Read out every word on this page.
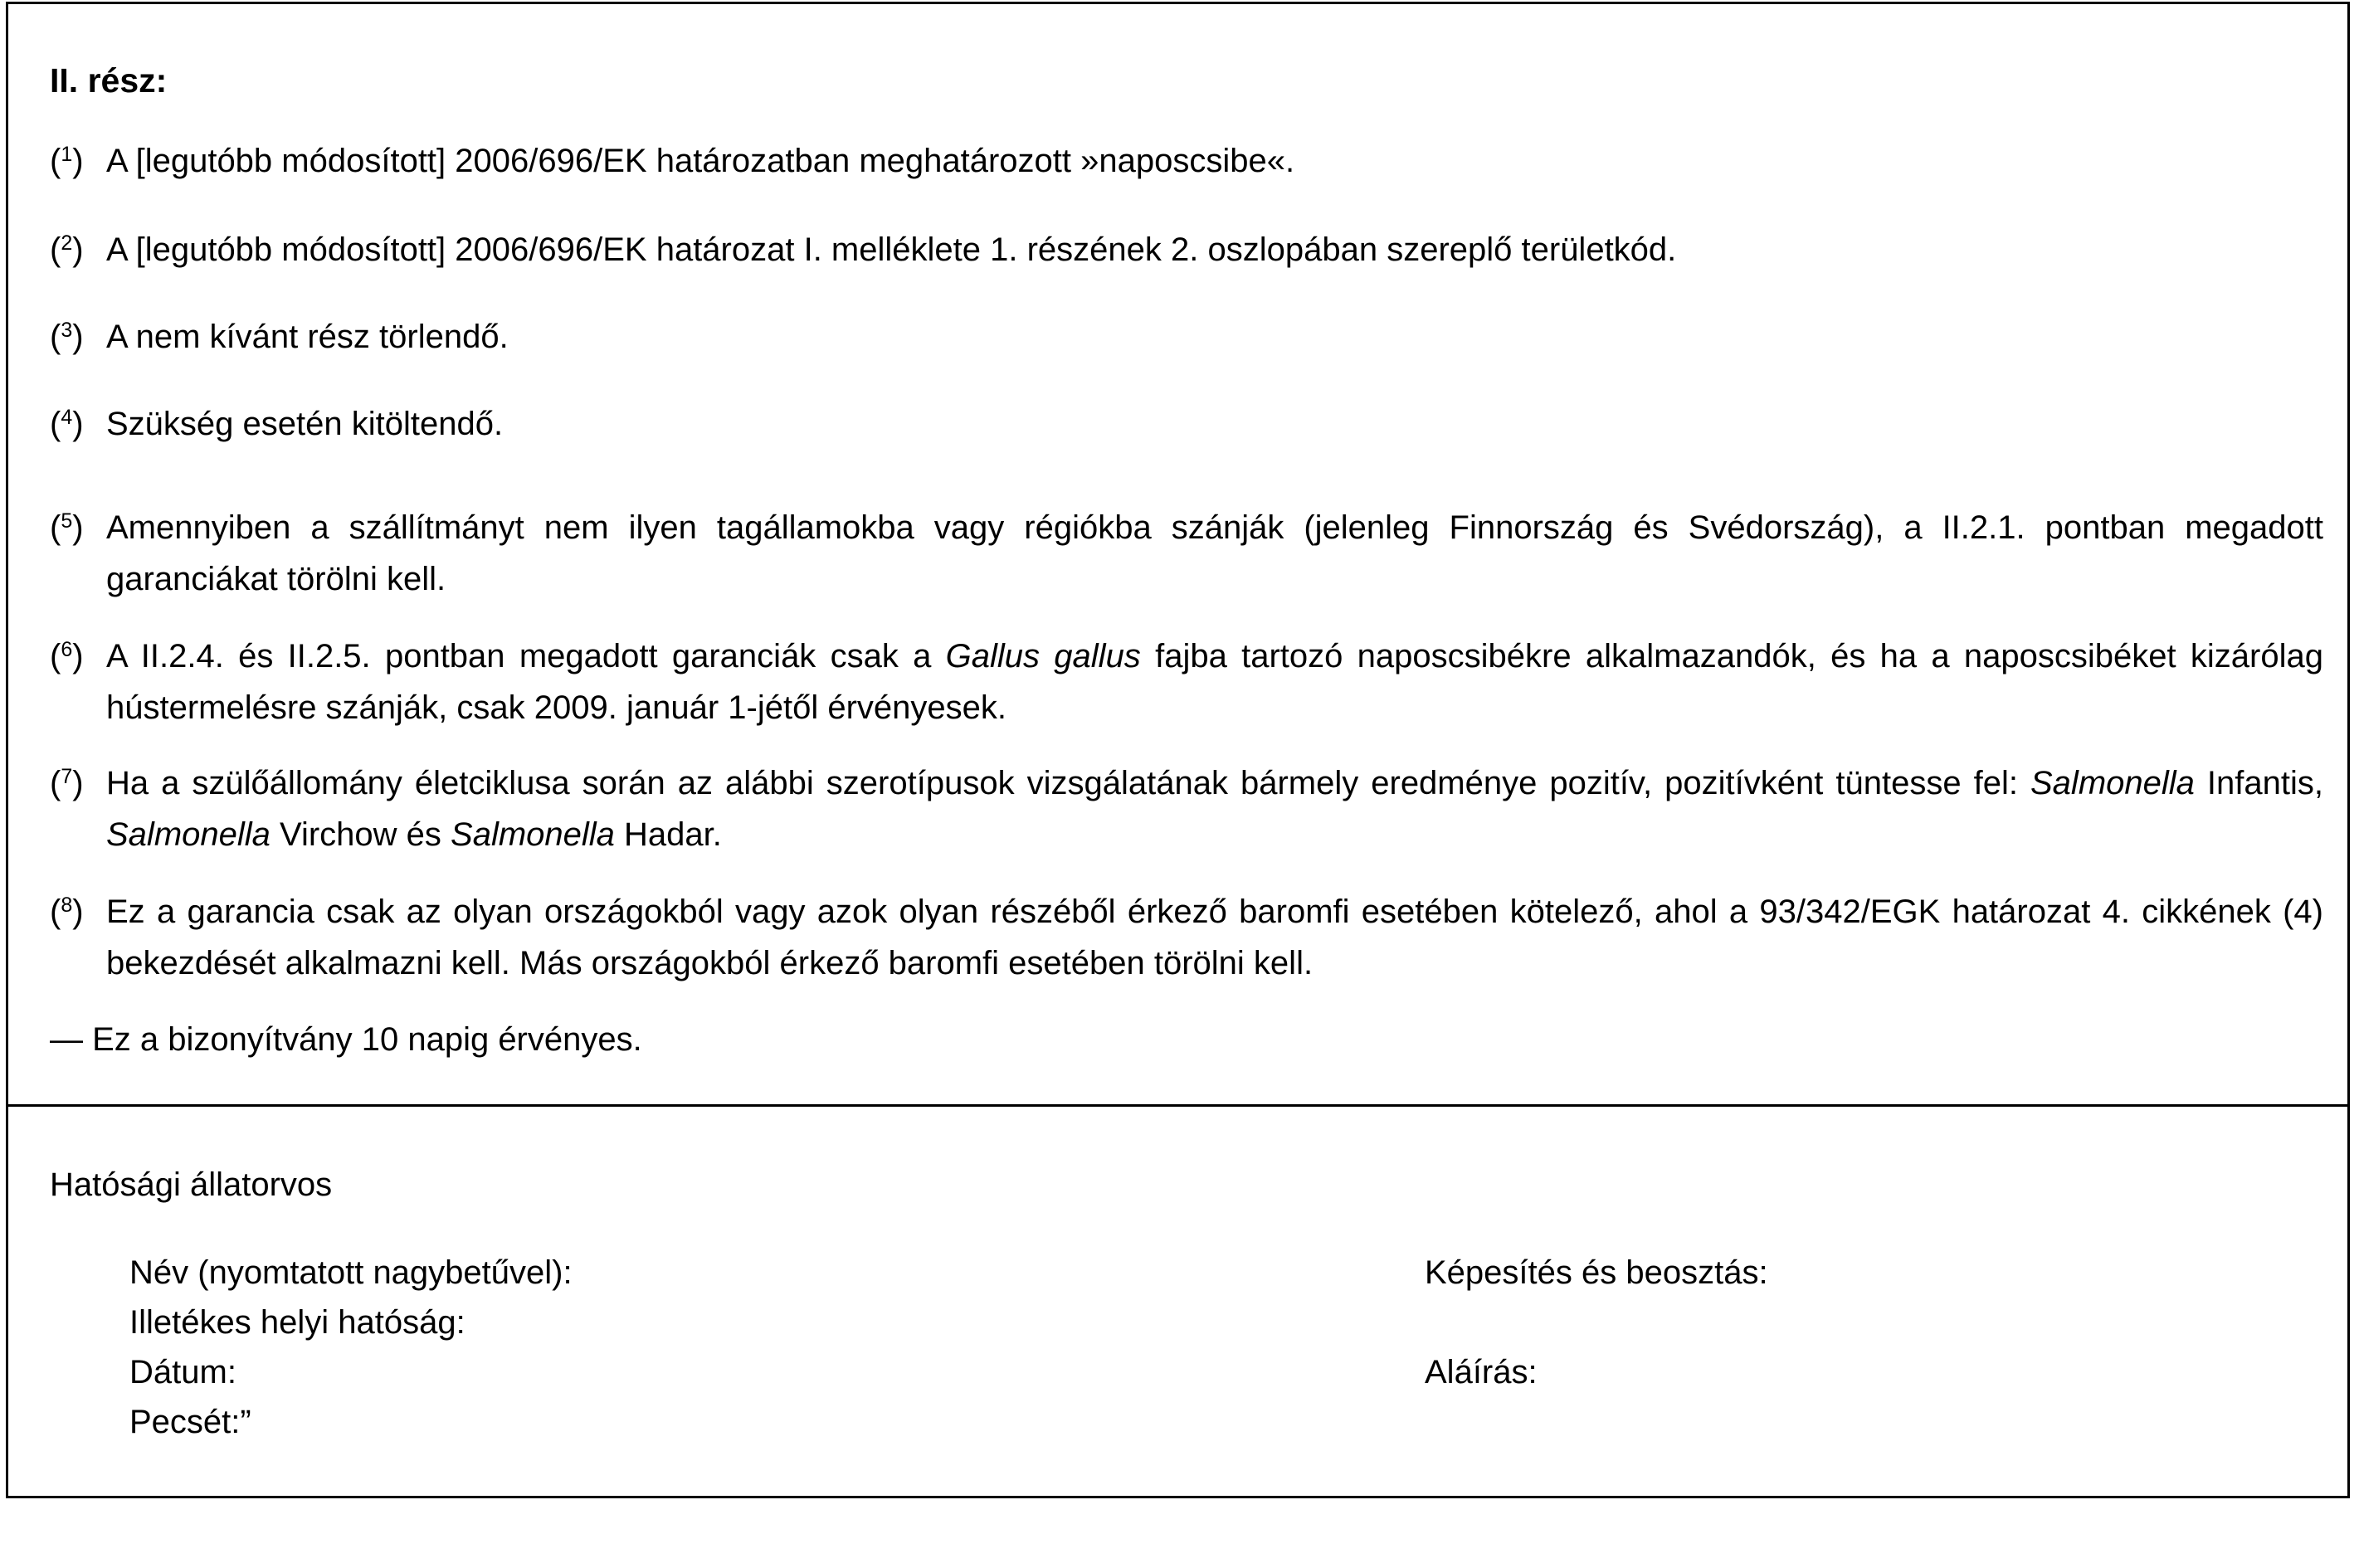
II. rész:

($^1$) A [legutóbb módosított] 2006/696/EK határozatban meghatározott »naposcsibe«.
($^2$) A [legutóbb módosított] 2006/696/EK határozat I. melléklete 1. részének 2. oszlopában szereplő területkód.
($^3$) A nem kívánt rész törlendő.
($^4$) Szükség esetén kitöltendő.
($^5$) Amennyiben a szállítmányt nem ilyen tagállamokba vagy régiókba szánják (jelenleg Finnország és Svédország), a II.2.1. pontban megadott garanciákat törölni kell.
($^6$) A II.2.4. és II.2.5. pontban megadott garanciák csak a Gallus gallus fajba tartozó naposcsibékre alkalmazandók, és ha a naposcsibéket kizárólag hústermelésre szánják, csak 2009. január 1-jétől érvényesek.
($^7$) Ha a szülőállomány életciklusa során az alábbi szerotípusok vizsgálatának bármely eredménye pozitív, pozitívként tüntesse fel: Salmonella Infantis, Salmonella Virchow és Salmonella Hadar.
($^8$) Ez a garancia csak az olyan országokból vagy azok olyan részéből érkező baromfi esetében kötelező, ahol a 93/342/EGK határozat 4. cikkének (4) bekezdését alkalmazni kell. Más országokból érkező baromfi esetében törölni kell.

— Ez a bizonyítvány 10 napig érvényes.

Hatósági állatorvos

Név (nyomtatott nagybetűvel):	Képesítés és beosztás:
Illetékes helyi hatóság:
Dátum:	Aláírás:
Pecsét:”
